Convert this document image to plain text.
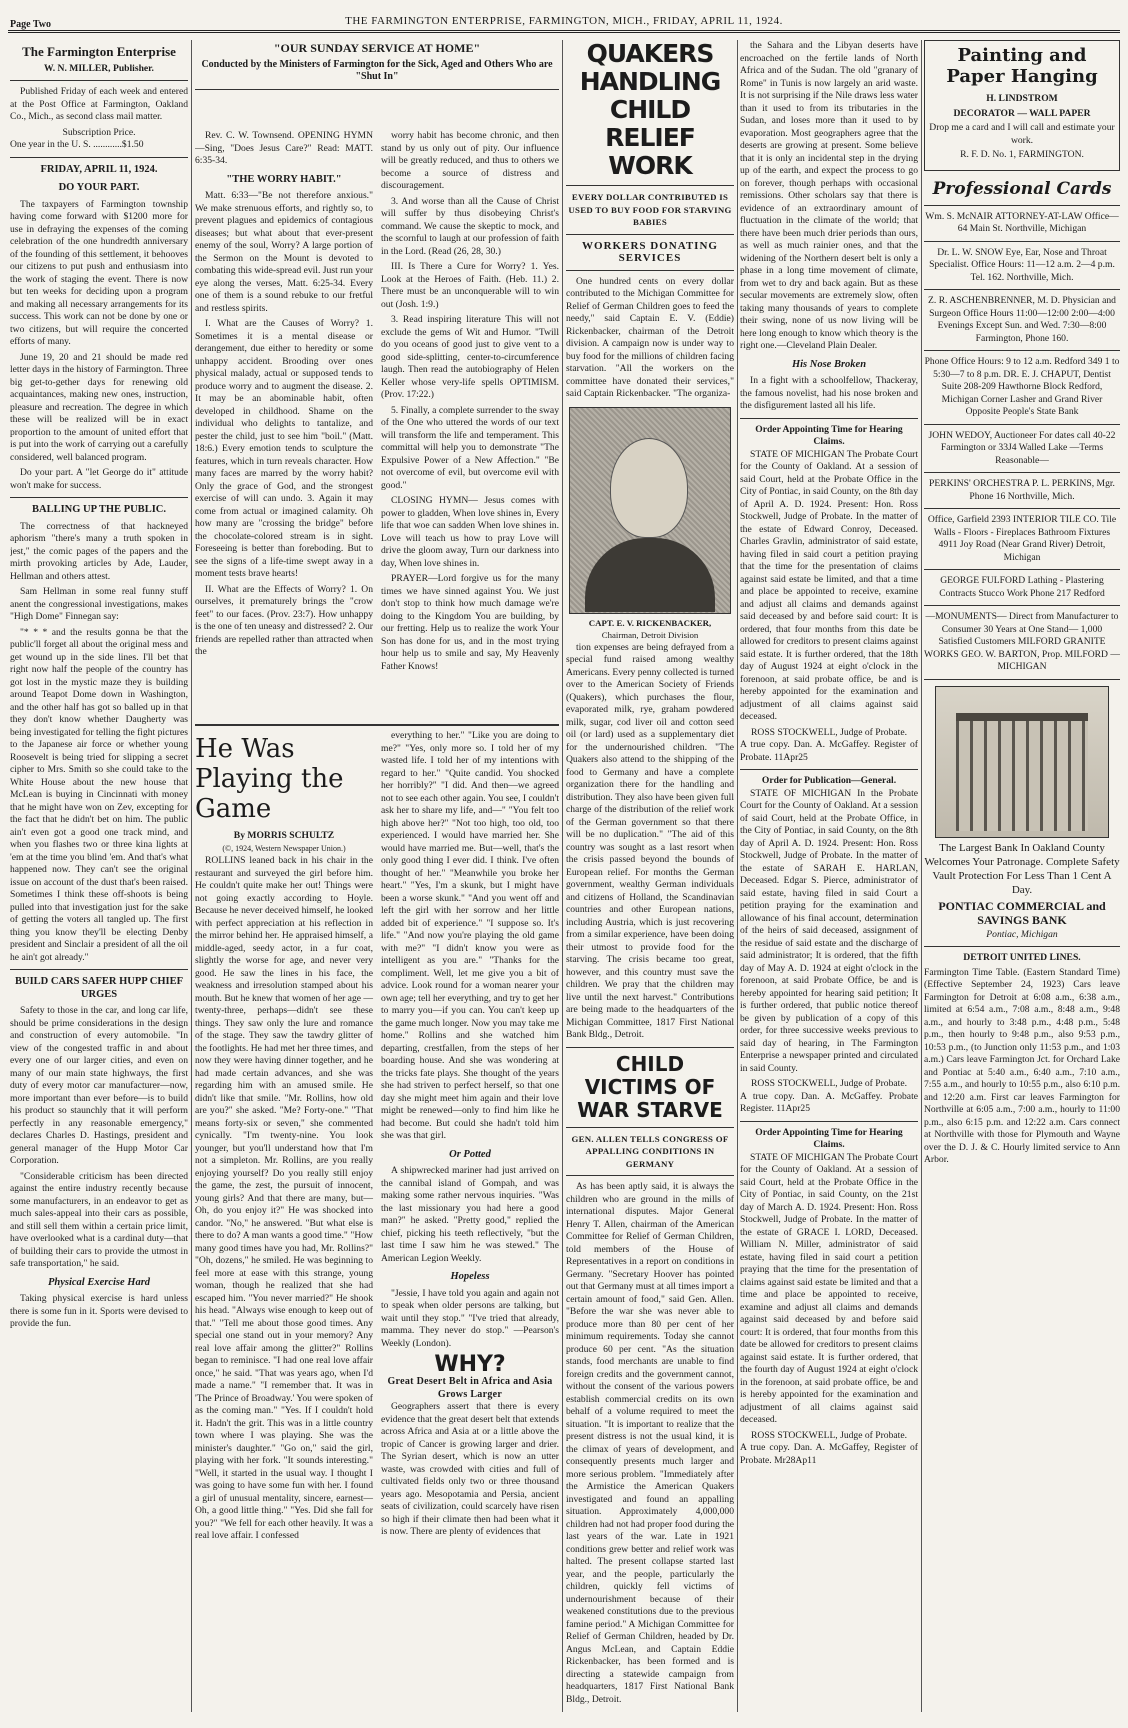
Page Two	THE FARMINGTON ENTERPRISE, FARMINGTON, MICH., FRIDAY, APRIL 11, 1924.
The Farmington Enterprise
W. N. MILLER, Publisher.

Published Friday of each week and entered at the Post Office at Farmington, Oakland Co., Mich., as second class mail matter.

Subscription Price.
One year in the U. S. ............$1.50
FRIDAY, APRIL 11, 1924.
DO YOUR PART.

The taxpayers of Farmington township having come forward with $1200 more for use in defraying the expenses of the coming celebration of the one hundredth anniversary of the founding of this settlement, it behooves our citizens to put push and enthusiasm into the work of staging the event. There is now but ten weeks for deciding upon a program and making all necessary arrangements for its success. This work can not be done by one or two citizens, but will require the concerted efforts of many.

June 19, 20 and 21 should be made red letter days in the history of Farmington. Three big get-to-gether days for renewing old acquaintances, making new ones, instruction, pleasure and recreation. The degree in which these will be realized will be in exact proportion to the amount of united effort that is put into the work of carrying out a carefully considered, well balanced program.

Do your part. A "let George do it" attitude won't make for success.

BALLING UP THE PUBLIC.

The correctness of that hackneyed aphorism "there's many a truth spoken in jest," the comic pages of the papers and the mirth provoking articles by Ade, Lauder, Hellman and others attest.

Sam Hellman in some real funny stuff anent the congressional investigations, makes "High Dome" Finnegan say:

"* * * and the results gonna be that the public'll forget all about the original mess and get wound up in the side lines. I'll bet that right now half the people of the country has got lost in the mystic maze they is building around Teapot Dome down in Washington, and the other half has got so balled up in that they don't know whether Daugherty was being investigated for telling the fight pictures to the Japanese air force or whether young Roosevelt is being tried for slipping a secret cipher to Mrs. Smith so she could take to the White House about the new house that McLean is buying in Cincinnati with money that he might have won on Zev, excepting for the fact that he didn't bet on him. The public ain't even got a good one track mind, and when you flashes two or three kina lights at 'em at the time you blind 'em. And that's what happened now. They can't see the original issue on account of the dust that's been raised. Sometimes I think these off-shoots is being pulled into that investigation just for the sake of getting the voters all tangled up. The first thing you know they'll be electing Denby president and Sinclair a president of all the oil he ain't got already."

BUILD CARS SAFER HUPP CHIEF URGES

Safety to those in the car, and long car life, should be prime considerations in the design and construction of every automobile. "In view of the congested traffic in and about every one of our larger cities, and even on many of our main state highways, the first duty of every motor car manufacturer—now, more important than ever before—is to build his product so staunchly that it will perform perfectly in any reasonable emergency," declares Charles D. Hastings, president and general manager of the Hupp Motor Car Corporation.

"Considerable criticism has been directed against the entire industry recently because some manufacturers, in an endeavor to get as much sales-appeal into their cars as possible, and still sell them within a certain price limit, have overlooked what is a cardinal duty—that of building their cars to provide the utmost in safe transportation," he said.

Physical Exercise Hard

Taking physical exercise is hard unless there is some fun in it. Sports were devised to provide the fun.

"OUR SUNDAY SERVICE AT HOME"
Conducted by the Ministers of Farmington for the Sick, Aged and Others Who are "Shut In"

Rev. C. W. Townsend. OPENING HYMN—Sing, "Does Jesus Care?" Read: MATT. 6:35-34.

"THE WORRY HABIT."

Matt. 6:33—"Be not therefore anxious." We make strenuous efforts, and rightly so, to prevent plagues and epidemics of contagious diseases; but what about that ever-present enemy of the soul, Worry? A large portion of the Sermon on the Mount is devoted to combating this wide-spread evil. Just run your eye along the verses, Matt. 6:25-34. Every one of them is a sound rebuke to our fretful and restless spirits.

I. What are the Causes of Worry? 1. Sometimes it is a mental disease or derangement, due either to heredity or some unhappy accident. Brooding over ones physical malady, actual or supposed tends to produce worry and to augment the disease. 2. It may be an abominable habit, often developed in childhood. Shame on the individual who delights to tantalize, and pester the child, just to see him "boil." (Matt. 18:6.) Every emotion tends to sculpture the features, which in turn reveals character. How many faces are marred by the worry habit? Only the grace of God, and the strongest exercise of will can undo. 3. Again it may come from actual or imagined calamity. Oh how many are "crossing the bridge" before the chocolate-colored stream is in sight. Foreseeing is better than foreboding. But to see the signs of a life-time swept away in a moment tests brave hearts!

II. What are the Effects of Worry? 1. On ourselves, it prematurely brings the "crow feet" to our faces. (Prov. 23:7). How unhappy is the one of ten uneasy and distressed? 2. Our friends are repelled rather than attracted when the

worry habit has become chronic, and then stand by us only out of pity. Our influence will be greatly reduced, and thus to others we become a source of distress and discouragement.

3. And worse than all the Cause of Christ will suffer by thus disobeying Christ's command. We cause the skeptic to mock, and the scornful to laugh at our profession of faith in the Lord. (Read (26, 28, 30.)

III. Is There a Cure for Worry? 1. Yes. Look at the Heroes of Faith. (Heb. 11.) 2. There must be an unconquerable will to win out (Josh. 1:9.)

3. Read inspiring literature This will not exclude the gems of Wit and Humor. "Twill do you oceans of good just to give vent to a good side-splitting, center-to-circumference laugh. Then read the autobiography of Helen Keller whose very-life spells OPTIMISM. (Prov. 17:22.)

5. Finally, a complete surrender to the sway of the One who uttered the words of our text will transform the life and temperament. This committal will help you to demonstrate "The Expulsive Power of a New Affection." "Be not overcome of evil, but overcome evil with good."

CLOSING HYMN— Jesus comes with power to gladden, When love shines in, Every life that woe can sadden When love shines in. Love will teach us how to pray Love will drive the gloom away, Turn our darkness into day, When love shines in.

PRAYER—Lord forgive us for the many times we have sinned against You. We just don't stop to think how much damage we're doing to the Kingdom You are building, by our fretting. Help us to realize the work Your Son has done for us, and in the most trying hour help us to smile and say, My Heavenly Father Knows!

He Was Playing the Game
By MORRIS SCHULTZ
(©, 1924, Western Newspaper Union.)

ROLLINS leaned back in his chair in the restaurant and surveyed the girl before him. He couldn't quite make her out! Things were not going exactly according to Hoyle. Because he never deceived himself, he looked with perfect appreciation at his reflection in the mirror behind her. He appraised himself, a middle-aged, seedy actor, in a fur coat, slightly the worse for age, and never very good. He saw the lines in his face, the weakness and irresolution stamped about his mouth. But he knew that women of her age —twenty-three, perhaps—didn't see these things. They saw only the lure and romance of the stage. They saw the tawdry glitter of the footlights. He had met her three times, and now they were having dinner together, and he had made certain advances, and she was regarding him with an amused smile. He didn't like that smile. "Mr. Rollins, how old are you?" she asked. "Me? Forty-one." "That means forty-six or seven," she commented cynically. "I'm twenty-nine. You look younger, but you'll understand how that I'm not a simpleton. Mr. Rollins, are you really enjoying yourself? Do you really still enjoy the game, the zest, the pursuit of innocent, young girls? And that there are many, but—Oh, do you enjoy it?" He was shocked into candor. "No," he answered. "But what else is there to do? A man wants a good time." "How many good times have you had, Mr. Rollins?" "Oh, dozens," he smiled. He was beginning to feel more at ease with this strange, young woman, though he realized that she had escaped him. "You never married?" He shook his head. "Always wise enough to keep out of that." "Tell me about those good times. Any special one stand out in your memory? Any real love affair among the glitter?" Rollins began to reminisce. "I had one real love affair once," he said. "That was years ago, when I'd made a name." "I remember that. It was in 'The Prince of Broadway.' You were spoken of as the coming man." "Yes. If I couldn't hold it. Hadn't the grit. This was in a little country town where I was playing. She was the minister's daughter." "Go on," said the girl, playing with her fork. "It sounds interesting." "Well, it started in the usual way. I thought I was going to have some fun with her. I found a girl of unusual mentality, sincere, earnest—Oh, a good little thing." "Yes. Did she fall for you?" "We fell for each other heavily. It was a real love affair. I confessed

everything to her." "Like you are doing to me?" "Yes, only more so. I told her of my wasted life. I told her of my intentions with regard to her." "Quite candid. You shocked her horribly?" "I did. And then—we agreed not to see each other again. You see, I couldn't ask her to share my life, and—" "You felt too high above her?" "Not too high, too old, too experienced. I would have married her. She would have married me. But—well, that's the only good thing I ever did. I think. I've often thought of her." "Meanwhile you broke her heart." "Yes, I'm a skunk, but I might have been a worse skunk." "And you went off and left the girl with her sorrow and her little added bit of experience." "I suppose so. It's life." "And now you're playing the old game with me?" "I didn't know you were as intelligent as you are." "Thanks for the compliment. Well, let me give you a bit of advice. Look round for a woman nearer your own age; tell her everything, and try to get her to marry you—if you can. You can't keep up the game much longer. Now you may take me home." Rollins and she watched him departing, crestfallen, from the steps of her boarding house. And she was wondering at the tricks fate plays. She thought of the years she had striven to perfect herself, so that one day she might meet him again and their love might be renewed—only to find him like he had become. But could she hadn't told him she was that girl.

Or Potted

A shipwrecked mariner had just arrived on the cannibal island of Gompah, and was making some rather nervous inquiries. "Was the last missionary you had here a good man?" he asked. "Pretty good," replied the chief, picking his teeth reflectively, "but the last time I saw him he was stewed." The American Legion Weekly.

Hopeless

"Jessie, I have told you again and again not to speak when older persons are talking, but wait until they stop." "I've tried that already, mamma. They never do stop." —Pearson's Weekly (London).

WHY?
Great Desert Belt in Africa and Asia Grows Larger

Geographers assert that there is every evidence that the great desert belt that extends across Africa and Asia at or a little above the tropic of Cancer is growing larger and drier. The Syrian desert, which is now an utter waste, was crowded with cities and full of cultivated fields only two or three thousand years ago. Mesopotamia and Persia, ancient seats of civilization, could scarcely have risen so high if their climate then had been what it is now. There are plenty of evidences that

QUAKERS HANDLING CHILD RELIEF WORK
EVERY DOLLAR CONTRIBUTED IS USED TO BUY FOOD FOR STARVING BABIES
WORKERS DONATING SERVICES

One hundred cents on every dollar contributed to the Michigan Committee for Relief of German Children goes to feed the needy," said Captain E. V. (Eddie) Rickenbacker, chairman of the Detroit division. A campaign now is under way to buy food for the millions of children facing starvation. "All the workers on the committee have donated their services," said Captain Rickenbacker. "The organiza-

CAPT. E. V. RICKENBACKER,
Chairman, Detroit Division

tion expenses are being defrayed from a special fund raised among wealthy Americans. Every penny collected is turned over to the American Society of Friends (Quakers), which purchases the flour, evaporated milk, rye, graham powdered milk, sugar, cod liver oil and cotton seed oil (or lard) used as a supplementary diet for the undernourished children. "The Quakers also attend to the shipping of the food to Germany and have a complete organization there for the handling and distribution. They also have been given full charge of the distribution of the relief work of the German government so that there will be no duplication." "The aid of this country was sought as a last resort when the crisis passed beyond the bounds of European relief. For months the German government, wealthy German individuals and citizens of Holland, the Scandinavian countries and other European nations, including Austria, which is just recovering from a similar experience, have been doing their utmost to provide food for the starving. The crisis became too great, however, and this country must save the children. We pray that the children may live until the next harvest." Contributions are being made to the headquarters of the Michigan Committee, 1817 First National Bank Bldg., Detroit.

CHILD VICTIMS OF WAR STARVE
GEN. ALLEN TELLS CONGRESS OF APPALLING CONDITIONS IN GERMANY

As has been aptly said, it is always the children who are ground in the mills of international disputes. Major General Henry T. Allen, chairman of the American Committee for Relief of German Children, told members of the House of Representatives in a report on conditions in Germany. "Secretary Hoover has pointed out that Germany must at all times import a certain amount of food," said Gen. Allen. "Before the war she was never able to produce more than 80 per cent of her minimum requirements. Today she cannot produce 60 per cent. "As the situation stands, food merchants are unable to find foreign credits and the government cannot, without the consent of the various powers establish commercial credits on its own behalf of a volume required to meet the situation. "It is important to realize that the present distress is not the usual kind, it is the climax of years of development, and consequently presents much larger and more serious problem. "Immediately after the Armistice the American Quakers investigated and found an appalling situation. Approximately 4,000,000 children had not had proper food during the last years of the war. Late in 1921 conditions grew better and relief work was halted. The present collapse started last year, and the people, particularly the children, quickly fell victims of undernourishment because of their weakened constitutions due to the previous famine period." A Michigan Committee for Relief of German Children, headed by Dr. Angus McLean, and Captain Eddie Rickenbacker, has been formed and is directing a statewide campaign from headquarters, 1817 First National Bank Bldg., Detroit.

the Sahara and the Libyan deserts have encroached on the fertile lands of North Africa and of the Sudan. The old "granary of Rome" in Tunis is now largely an arid waste. It is not surprising if the Nile draws less water than it used to from its tributaries in the Sudan, and loses more than it used to by evaporation. Most geographers agree that the deserts are growing at present. Some believe that it is only an incidental step in the drying up of the earth, and expect the process to go on forever, though perhaps with occasional remissions. Other scholars say that there is evidence of an extraordinary amount of fluctuation in the climate of the world; that there have been much drier periods than ours, as well as much rainier ones, and that the widening of the Northern desert belt is only a phase in a long time movement of climate, from wet to dry and back again. But as these secular movements are extremely slow, often taking many thousands of years to complete their swing, none of us now living will be here long enough to know which theory is the right one.—Cleveland Plain Dealer.

His Nose Broken

In a fight with a schoolfellow, Thackeray, the famous novelist, had his nose broken and the disfigurement lasted all his life.

Order Appointing Time for Hearing Claims.

STATE OF MICHIGAN The Probate Court for the County of Oakland. At a session of said Court, held at the Probate Office in the City of Pontiac, in said County, on the 8th day of April A. D. 1924. Present: Hon. Ross Stockwell, Judge of Probate. In the matter of the estate of Edward Conroy, Deceased. Charles Gravlin, administrator of said estate, having filed in said court a petition praying that the time for the presentation of claims against said estate be limited, and that a time and place be appointed to receive, examine and adjust all claims and demands against said deceased by and before said court: It is ordered, that four months from this date be allowed for creditors to present claims against said estate. It is further ordered, that the 18th day of August 1924 at eight o'clock in the forenoon, at said probate office, be and is hereby appointed for the examination and adjustment of all claims against said deceased.

ROSS STOCKWELL, Judge of Probate.
A true copy. Dan. A. McGaffey. Register of Probate. 11Apr25
Order for Publication—General.

STATE OF MICHIGAN In the Probate Court for the County of Oakland. At a session of said Court, held at the Probate Office, in the City of Pontiac, in said County, on the 8th day of April A. D. 1924. Present: Hon. Ross Stockwell, Judge of Probate. In the matter of the estate of SARAH E. HARLAN, Deceased. Edgar S. Pierce, administrator of said estate, having filed in said Court a petition praying for the examination and allowance of his final account, determination of the heirs of said deceased, assignment of the residue of said estate and the discharge of said administrator; It is ordered, that the fifth day of May A. D. 1924 at eight o'clock in the forenoon, at said Probate Office, be and is hereby appointed for hearing said petition; It is further ordered, that public notice thereof be given by publication of a copy of this order, for three successive weeks previous to said day of hearing, in The Farmington Enterprise a newspaper printed and circulated in said County.

ROSS STOCKWELL, Judge of Probate.
A true copy. Dan. A. McGaffey. Probate Register. 11Apr25
Order Appointing Time for Hearing Claims.

STATE OF MICHIGAN The Probate Court for the County of Oakland. At a session of said Court, held at the Probate Office in the City of Pontiac, in said County, on the 21st day of March A. D. 1924. Present: Hon. Ross Stockwell, Judge of Probate. In the matter of the estate of GRACE I. LORD, Deceased. William N. Miller, administrator of said estate, having filed in said court a petition praying that the time for the presentation of claims against said estate be limited and that a time and place be appointed to receive, examine and adjust all claims and demands against said deceased by and before said court: It is ordered, that four months from this date be allowed for creditors to present claims against said estate. It is further ordered, that the fourth day of August 1924 at eight o'clock in the forenoon, at said probate office, be and is hereby appointed for the examination and adjustment of all claims against said deceased.

ROSS STOCKWELL, Judge of Probate.
A true copy. Dan. A. McGaffey, Register of Probate. Mr28Ap11
Painting and Paper Hanging
H. LINDSTROM
DECORATOR — WALL PAPER
Drop me a card and I will call and estimate your work.
R. F. D. No. 1, FARMINGTON.
Professional Cards
Wm. S. McNAIR ATTORNEY-AT-LAW Office—64 Main St. Northville, Michigan
Dr. L. W. SNOW Eye, Ear, Nose and Throat Specialist. Office Hours: 11—12 a.m. 2—4 p.m. Tel. 162. Northville, Mich.
Z. R. ASCHENBRENNER, M. D. Physician and Surgeon Office Hours 11:00—12:00 2:00—4:00 Evenings Except Sun. and Wed. 7:30—8:00 Farmington, Phone 160.
Phone Office Hours: 9 to 12 a.m. Redford 349 1 to 5:30—7 to 8 p.m. DR. E. J. CHAPUT, Dentist Suite 208-209 Hawthorne Block Redford, Michigan Corner Lasher and Grand River Opposite People's State Bank
JOHN WEDOY, Auctioneer For dates call 40-22 Farmington or 33J4 Walled Lake —Terms Reasonable—
PERKINS' ORCHESTRA P. L. PERKINS, Mgr. Phone 16 Northville, Mich.
Office, Garfield 2393 INTERIOR TILE CO. Tile Walls - Floors - Fireplaces Bathroom Fixtures 4911 Joy Road (Near Grand River) Detroit, Michigan
GEORGE FULFORD Lathing - Plastering Contracts Stucco Work Phone 217 Redford
—MONUMENTS— Direct from Manufacturer to Consumer 30 Years at One Stand— 1,000 Satisfied Customers MILFORD GRANITE WORKS GEO. W. BARTON, Prop. MILFORD — MICHIGAN
The Largest Bank In Oakland County Welcomes Your Patronage. Complete Safety Vault Protection For Less Than 1 Cent A Day.
PONTIAC COMMERCIAL and SAVINGS BANK
Pontiac, Michigan
DETROIT UNITED LINES.
Farmington Time Table. (Eastern Standard Time) (Effective September 24, 1923) Cars leave Farmington for Detroit at 6:08 a.m., 6:38 a.m., limited at 6:54 a.m., 7:08 a.m., 8:48 a.m., 9:48 a.m., and hourly to 3:48 p.m., 4:48 p.m., 5:48 p.m., then hourly to 9:48 p.m., also 9:53 p.m., 10:53 p.m., (to Junction only 11:53 p.m., and 1:03 a.m.) Cars leave Farmington Jct. for Orchard Lake and Pontiac at 5:40 a.m., 6:40 a.m., 7:10 a.m., 7:55 a.m., and hourly to 10:55 p.m., also 6:10 p.m. and 12:20 a.m. First car leaves Farmington for Northville at 6:05 a.m., 7:00 a.m., hourly to 11:00 p.m., also 6:15 p.m. and 12:22 a.m. Cars connect at Northville with those for Plymouth and Wayne over the D. J. & C. Hourly limited service to Ann Arbor.
